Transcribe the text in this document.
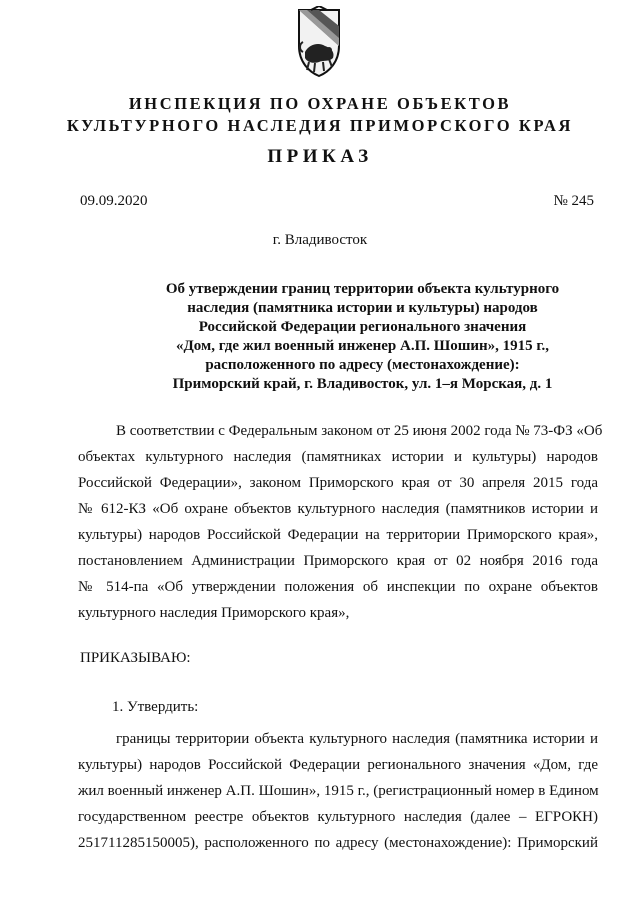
ИНСПЕКЦИЯ ПО ОХРАНЕ ОБЪЕКТОВ
КУЛЬТУРНОГО НАСЛЕДИЯ ПРИМОРСКОГО КРАЯ
ПРИКАЗ
09.09.2020	№ 245
г. Владивосток
Об утверждении границ территории объекта культурного
наследия (памятника истории и культуры) народов
Российской Федерации регионального значения
«Дом, где жил военный инженер А.П. Шошин», 1915 г.,
расположенного по адресу (местонахождение):
Приморский край, г. Владивосток, ул. 1–я Морская, д. 1
В соответствии с Федеральным законом от 25 июня 2002 года № 73-ФЗ «Об
объектах культурного наследия (памятниках истории и культуры) народов
Российской Федерации», законом Приморского края от 30 апреля 2015 года
№ 612-КЗ «Об охране объектов культурного наследия (памятников истории и
культуры) народов Российской Федерации на территории Приморского края»,
постановлением Администрации Приморского края от 02 ноября 2016 года
№ 514-па «Об утверждении положения об инспекции по охране объектов
культурного наследия Приморского края»,
ПРИКАЗЫВАЮ:
1. Утвердить:
границы территории объекта культурного наследия (памятника истории и
культуры) народов Российской Федерации регионального значения «Дом, где
жил военный инженер А.П. Шошин», 1915 г., (регистрационный номер в Едином
государственном реестре объектов культурного наследия (далее – ЕГРОКН)
251711285150005), расположенного по адресу (местонахождение): Приморский
